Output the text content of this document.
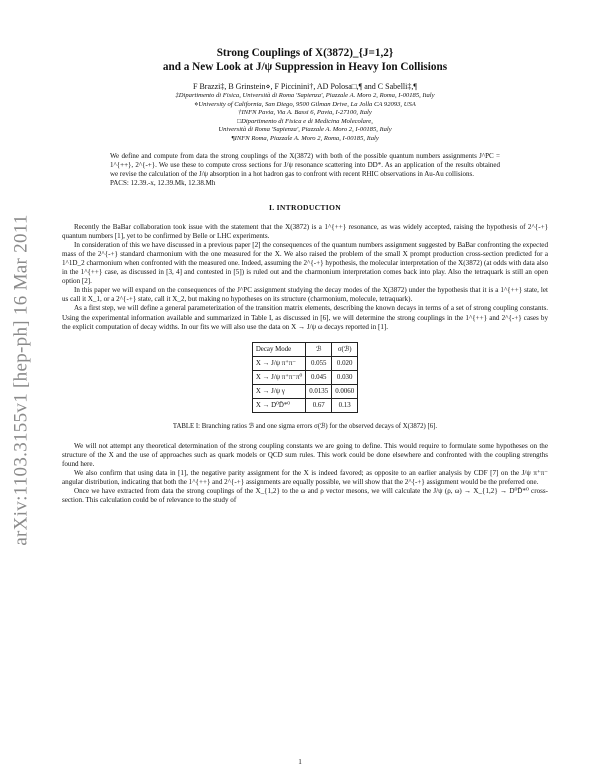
arXiv:1103.3155v1 [hep-ph] 16 Mar 2011
Strong Couplings of X(3872)_{J=1,2}
and a New Look at J/ψ Suppression in Heavy Ion Collisions
F Brazzi‡, B Grinstein⋄, F Piccinini†, AD Polosa□,¶ and C Sabelli‡,¶
‡Dipartimento di Fisica, Università di Roma 'Sapienza', Piazzale A. Moro 2, Roma, I-00185, Italy
⋄University of California, San Diego, 9500 Gilman Drive, La Jolla CA 92093, USA
†INFN Pavia, Via A. Bassi 6, Pavia, I-27100, Italy
□Dipartimento di Fisica e di Medicina Molecolare,
Università di Roma 'Sapienza', Piazzale A. Moro 2, I-00185, Italy
¶INFN Roma, Piazzale A. Moro 2, Roma, I-00185, Italy
We define and compute from data the strong couplings of the X(3872) with both of the possible quantum numbers assignments J^PC = 1^{++}, 2^{-+}. We use these to compute cross sections for J/ψ resonance scattering into DD*. As an application of the results obtained we revise the calculation of the J/ψ absorption in a hot hadron gas to confront with recent RHIC observations in Au-Au collisions.
PACS: 12.39.-x, 12.39.Mk, 12.38.Mh
I. INTRODUCTION

Recently the BaBar collaboration took issue with the statement that the X(3872) is a 1^{++} resonance, as was widely accepted, raising the hypothesis of 2^{-+} quantum numbers [1], yet to be confirmed by Belle or LHC experiments.

In consideration of this we have discussed in a previous paper [2] the consequences of the quantum numbers assignment suggested by BaBar confronting the expected mass of the 2^{-+} standard charmonium with the one measured for the X. We also raised the problem of the small X prompt production cross-section predicted for a 1^1D_2 charmonium when confronted with the measured one. Indeed, assuming the 2^{-+} hypothesis, the molecular interpretation of the X(3872) (at odds with data also in the 1^{++} case, as discussed in [3, 4] and contested in [5]) is ruled out and the charmonium interpretation comes back into play. Also the tetraquark is still an open option [2].

In this paper we will expand on the consequences of the J^PC assignment studying the decay modes of the X(3872) under the hypothesis that it is a 1^{++} state, let us call it X_1, or a 2^{-+} state, call it X_2, but making no hypotheses on its structure (charmonium, molecule, tetraquark).

As a first step, we will define a general parameterization of the transition matrix elements, describing the known decays in terms of a set of strong coupling constants. Using the experimental information available and summarized in Table I, as discussed in [6], we will determine the strong couplings in the 1^{++} and 2^{-+} cases by the explicit computation of decay widths. In our fits we will also use the data on X → J/ψ ω decays reported in [1].

Decay Mode	ℬ	σ(ℬ)
X → J/ψ π⁺π⁻	0.055	0.020
X → J/ψ π⁺π⁻π⁰	0.045	0.030
X → J/ψ γ	0.0135	0.0060
X → D⁰D̄*⁰	0.67	0.13
TABLE I: Branching ratios ℬ and one sigma errors σ(ℬ) for the observed decays of X(3872) [6].

We will not attempt any theoretical determination of the strong coupling constants we are going to define. This would require to formulate some hypotheses on the structure of the X and the use of approaches such as quark models or QCD sum rules. This work could be done elsewhere and confronted with the coupling strengths found here.

We also confirm that using data in [1], the negative parity assignment for the X is indeed favored; as opposite to an earlier analysis by CDF [7] on the J/ψ π⁺π⁻ angular distribution, indicating that both the 1^{++} and 2^{-+} assignments are equally possible, we will show that the 2^{-+} assignment would be the preferred one.

Once we have extracted from data the strong couplings of the X_{1,2} to the ω and ρ vector mesons, we will calculate the J/ψ (ρ, ω) → X_{1,2} → D⁰D̄*⁰ cross-section. This calculation could be of relevance to the study of

1
